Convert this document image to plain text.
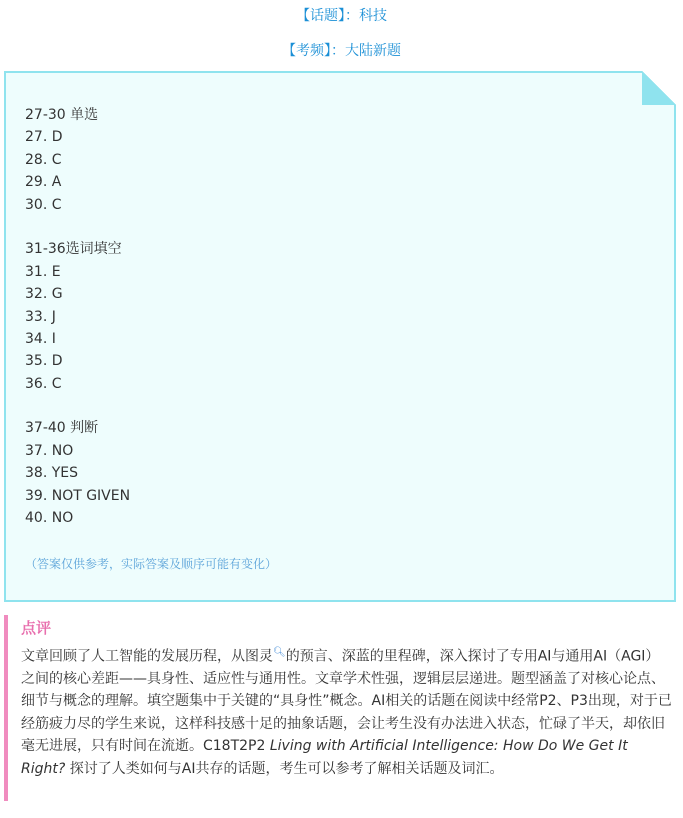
【话题】：科技
【考频】：大陆新题
27-30 单选
27. D
28. C
29. A
30. C
31-36选词填空
31. E
32. G
33. J
34. I
35. D
36. C
37-40 判断
37. NO
38. YES
39. NOT GIVEN
40. NO
（答案仅供参考，实际答案及顺序可能有变化）
点评
文章回顾了人工智能的发展历程，从图灵🔍︎的预言、深蓝的里程碑，深入探讨了专用AI与通用AI（AGI）之间的核心差距——具身性、适应性与通用性。文章学术性强，逻辑层层递进。题型涵盖了对核心论点、细节与概念的理解。填空题集中于关键的“具身性”概念。AI相关的话题在阅读中经常P2、P3出现，对于已经筋疲力尽的学生来说，这样科技感十足的抽象话题，会让考生没有办法进入状态，忙碌了半天，却依旧毫无进展，只有时间在流逝。C18T2P2 Living with Artificial Intelligence: How Do We Get It Right? 探讨了人类如何与AI共存的话题，考生可以参考了解相关话题及词汇。
